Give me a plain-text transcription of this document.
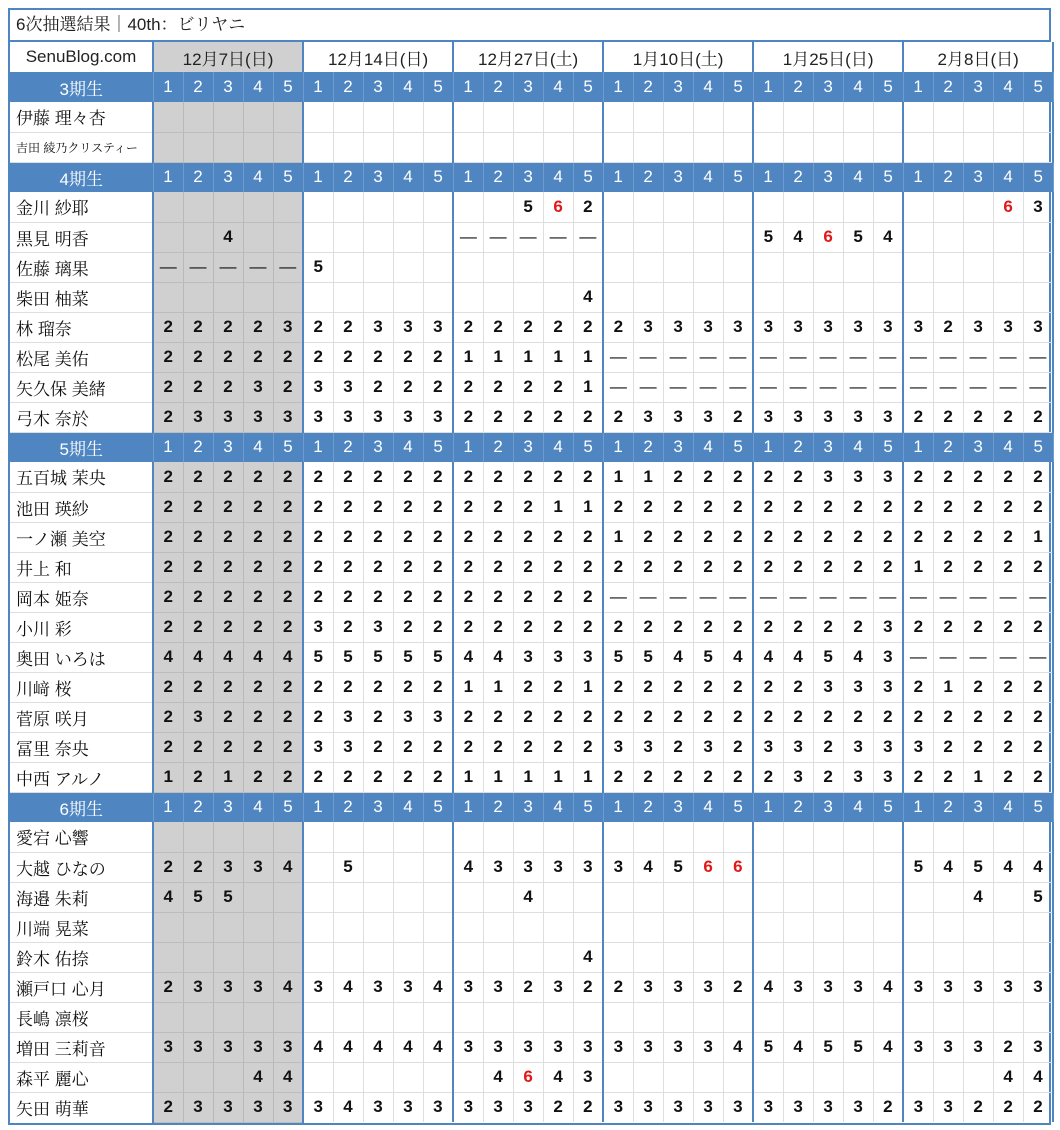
6次抽選結果｜40th：ビリヤニ
SenuBlog.com	12月7日(日)					12月14日(日)					12月27日(土)					1月10日(土)					1月25日(日)					2月8日(日)				
3期生	1	2	3	4	5	1	2	3	4	5	1	2	3	4	5	1	2	3	4	5	1	2	3	4	5	1	2	3	4	5
伊藤 理々杏																														
吉田 綾乃クリスティー																														
4期生	1	2	3	4	5	1	2	3	4	5	1	2	3	4	5	1	2	3	4	5	1	2	3	4	5	1	2	3	4	5
金川 紗耶													5	6	2														6	3
黒見 明香			4								—	—	—	—	—						5	4	6	5	4					
佐藤 璃果	—	—	—	—	—	5																								
柴田 柚菜															4															
林 瑠奈	2	2	2	2	3	2	2	3	3	3	2	2	2	2	2	2	3	3	3	3	3	3	3	3	3	3	2	3	3	3
松尾 美佑	2	2	2	2	2	2	2	2	2	2	1	1	1	1	1	—	—	—	—	—	—	—	—	—	—	—	—	—	—	—
矢久保 美緒	2	2	2	3	2	3	3	2	2	2	2	2	2	2	1	—	—	—	—	—	—	—	—	—	—	—	—	—	—	—
弓木 奈於	2	3	3	3	3	3	3	3	3	3	2	2	2	2	2	2	3	3	3	2	3	3	3	3	3	2	2	2	2	2
5期生	1	2	3	4	5	1	2	3	4	5	1	2	3	4	5	1	2	3	4	5	1	2	3	4	5	1	2	3	4	5
五百城 茉央	2	2	2	2	2	2	2	2	2	2	2	2	2	2	2	1	1	2	2	2	2	2	3	3	3	2	2	2	2	2
池田 瑛紗	2	2	2	2	2	2	2	2	2	2	2	2	2	1	1	2	2	2	2	2	2	2	2	2	2	2	2	2	2	2
一ノ瀬 美空	2	2	2	2	2	2	2	2	2	2	2	2	2	2	2	1	2	2	2	2	2	2	2	2	2	2	2	2	2	1
井上 和	2	2	2	2	2	2	2	2	2	2	2	2	2	2	2	2	2	2	2	2	2	2	2	2	2	1	2	2	2	2
岡本 姫奈	2	2	2	2	2	2	2	2	2	2	2	2	2	2	2	—	—	—	—	—	—	—	—	—	—	—	—	—	—	—
小川 彩	2	2	2	2	2	3	2	3	2	2	2	2	2	2	2	2	2	2	2	2	2	2	2	2	3	2	2	2	2	2
奥田 いろは	4	4	4	4	4	5	5	5	5	5	4	4	3	3	3	5	5	4	5	4	4	4	5	4	3	—	—	—	—	—
川﨑 桜	2	2	2	2	2	2	2	2	2	2	1	1	2	2	1	2	2	2	2	2	2	2	3	3	3	2	1	2	2	2
菅原 咲月	2	3	2	2	2	2	3	2	3	3	2	2	2	2	2	2	2	2	2	2	2	2	2	2	2	2	2	2	2	2
冨里 奈央	2	2	2	2	2	3	3	2	2	2	2	2	2	2	2	3	3	2	3	2	3	3	2	3	3	3	2	2	2	2
中西 アルノ	1	2	1	2	2	2	2	2	2	2	1	1	1	1	1	2	2	2	2	2	2	3	2	3	3	2	2	1	2	2
6期生	1	2	3	4	5	1	2	3	4	5	1	2	3	4	5	1	2	3	4	5	1	2	3	4	5	1	2	3	4	5
愛宕 心響																														
大越 ひなの	2	2	3	3	4		5				4	3	3	3	3	3	4	5	6	6						5	4	5	4	4
海邉 朱莉	4	5	5										4															4		5
川端 晃菜																														
鈴木 佑捺															4															
瀬戸口 心月	2	3	3	3	4	3	4	3	3	4	3	3	2	3	2	2	3	3	3	2	4	3	3	3	4	3	3	3	3	3
長嶋 凛桜																														
増田 三莉音	3	3	3	3	3	4	4	4	4	4	3	3	3	3	3	3	3	3	3	4	5	4	5	5	4	3	3	3	2	3
森平 麗心				4	4							4	6	4	3														4	4
矢田 萌華	2	3	3	3	3	3	4	3	3	3	3	3	3	2	2	3	3	3	3	3	3	3	3	3	2	3	3	2	2	2
